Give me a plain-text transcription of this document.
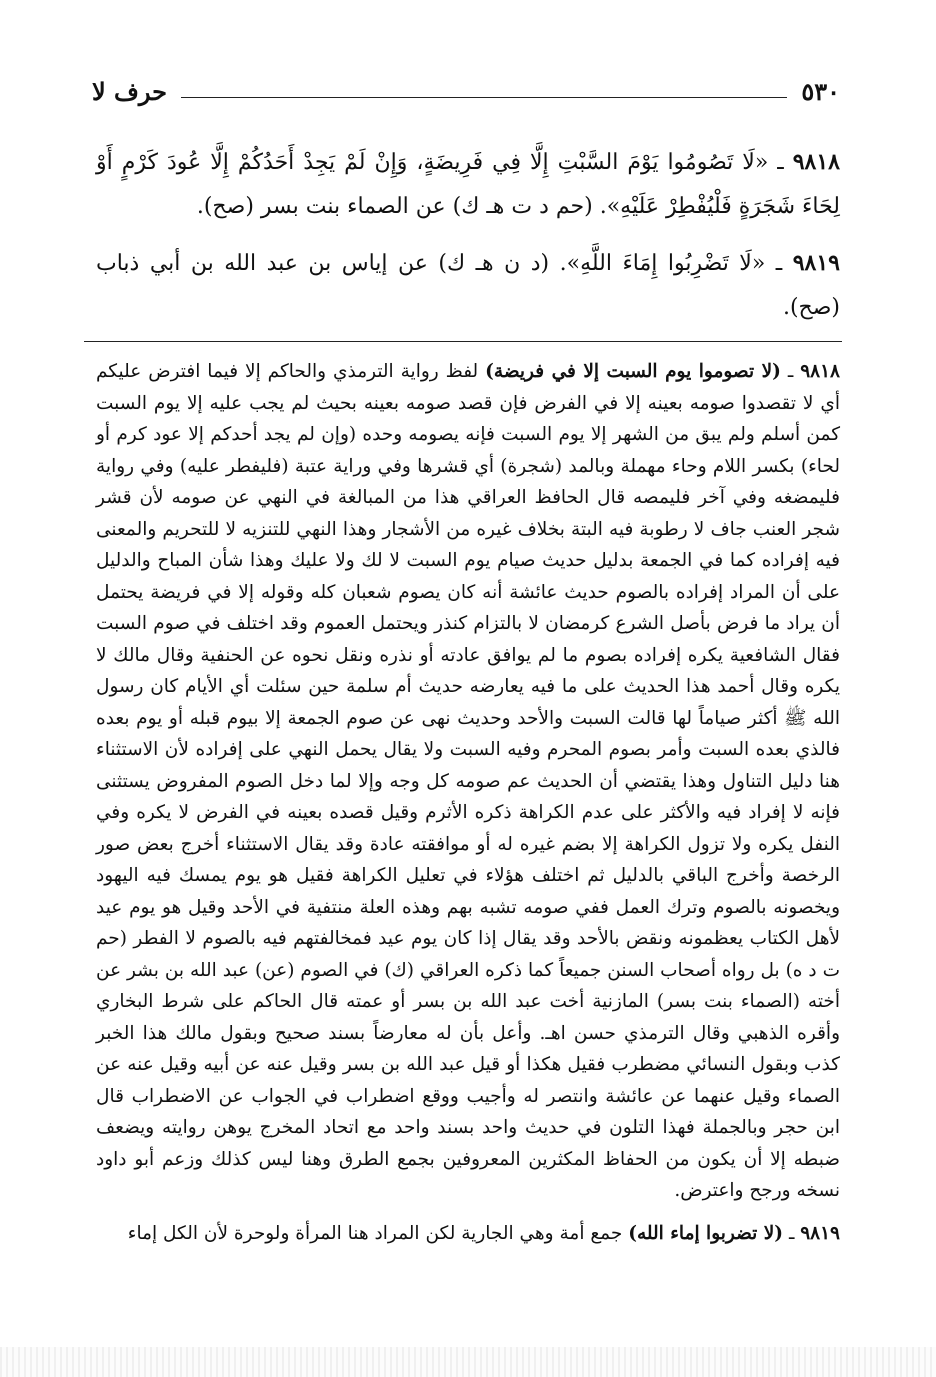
٥٣٠
حرف لا

٩٨١٨ ـ «لَا تَصُومُوا يَوْمَ السَّبْتِ إِلَّا فِي فَرِيضَةٍ، وَإِنْ لَمْ يَجِدْ أَحَدُكُمْ إِلَّا عُودَ كَرْمٍ أَوْ لِحَاءَ شَجَرَةٍ فَلْيُفْطِرْ عَلَيْهِ». (حم د ت هـ ك) عن الصماء بنت بسر (صح).

٩٨١٩ ـ «لَا تَضْرِبُوا إِمَاءَ اللَّهِ». (د ن هـ ك) عن إياس بن عبد الله بن أبي ذباب (صح).

٩٨١٨ ـ (لا تصوموا يوم السبت إلا في فريضة) لفظ رواية الترمذي والحاكم إلا فيما افترض عليكم أي لا تقصدوا صومه بعينه إلا في الفرض فإن قصد صومه بعينه بحيث لم يجب عليه إلا يوم السبت كمن أسلم ولم يبق من الشهر إلا يوم السبت فإنه يصومه وحده (وإن لم يجد أحدكم إلا عود كرم أو لحاء) بكسر اللام وحاء مهملة وبالمد (شجرة) أي قشرها وفي وراية عتبة (فليفطر عليه) وفي رواية فليمضغه وفي آخر فليمصه قال الحافظ العراقي هذا من المبالغة في النهي عن صومه لأن قشر شجر العنب جاف لا رطوبة فيه البتة بخلاف غيره من الأشجار وهذا النهي للتنزيه لا للتحريم والمعنى فيه إفراده كما في الجمعة بدليل حديث صيام يوم السبت لا لك ولا عليك وهذا شأن المباح والدليل على أن المراد إفراده بالصوم حديث عائشة أنه كان يصوم شعبان كله وقوله إلا في فريضة يحتمل أن يراد ما فرض بأصل الشرع كرمضان لا بالتزام كنذر ويحتمل العموم وقد اختلف في صوم السبت فقال الشافعية يكره إفراده بصوم ما لم يوافق عادته أو نذره ونقل نحوه عن الحنفية وقال مالك لا يكره وقال أحمد هذا الحديث على ما فيه يعارضه حديث أم سلمة حين سئلت أي الأيام كان رسول الله ﷺ أكثر صياماً لها قالت السبت والأحد وحديث نهى عن صوم الجمعة إلا بيوم قبله أو يوم بعده فالذي بعده السبت وأمر بصوم المحرم وفيه السبت ولا يقال يحمل النهي على إفراده لأن الاستثناء هنا دليل التناول وهذا يقتضي أن الحديث عم صومه كل وجه وإلا لما دخل الصوم المفروض يستثنى فإنه لا إفراد فيه والأكثر على عدم الكراهة ذكره الأثرم وقيل قصده بعينه في الفرض لا يكره وفي النفل يكره ولا تزول الكراهة إلا بضم غيره له أو موافقته عادة وقد يقال الاستثناء أخرج بعض صور الرخصة وأخرج الباقي بالدليل ثم اختلف هؤلاء في تعليل الكراهة فقيل هو يوم يمسك فيه اليهود ويخصونه بالصوم وترك العمل ففي صومه تشبه بهم وهذه العلة منتفية في الأحد وقيل هو يوم عيد لأهل الكتاب يعظمونه ونقض بالأحد وقد يقال إذا كان يوم عيد فمخالفتهم فيه بالصوم لا الفطر (حم ت د ه) بل رواه أصحاب السنن جميعاً كما ذكره العراقي (ك) في الصوم (عن) عبد الله بن بشر عن أخته (الصماء بنت بسر) المازنية أخت عبد الله بن بسر أو عمته قال الحاكم على شرط البخاري وأقره الذهبي وقال الترمذي حسن اهـ. وأعل بأن له معارضاً بسند صحيح وبقول مالك هذا الخبر كذب وبقول النسائي مضطرب فقيل هكذا أو قيل عبد الله بن بسر وقيل عنه عن أبيه وقيل عنه عن الصماء وقيل عنهما عن عائشة وانتصر له وأجيب ووقع اضطراب في الجواب عن الاضطراب قال ابن حجر وبالجملة فهذا التلون في حديث واحد بسند واحد مع اتحاد المخرج يوهن روايته ويضعف ضبطه إلا أن يكون من الحفاظ المكثرين المعروفين بجمع الطرق وهنا ليس كذلك وزعم أبو داود نسخه ورجح واعترض.

٩٨١٩ ـ (لا تضربوا إماء الله) جمع أمة وهي الجارية لكن المراد هنا المرأة ولوحرة لأن الكل إماء
